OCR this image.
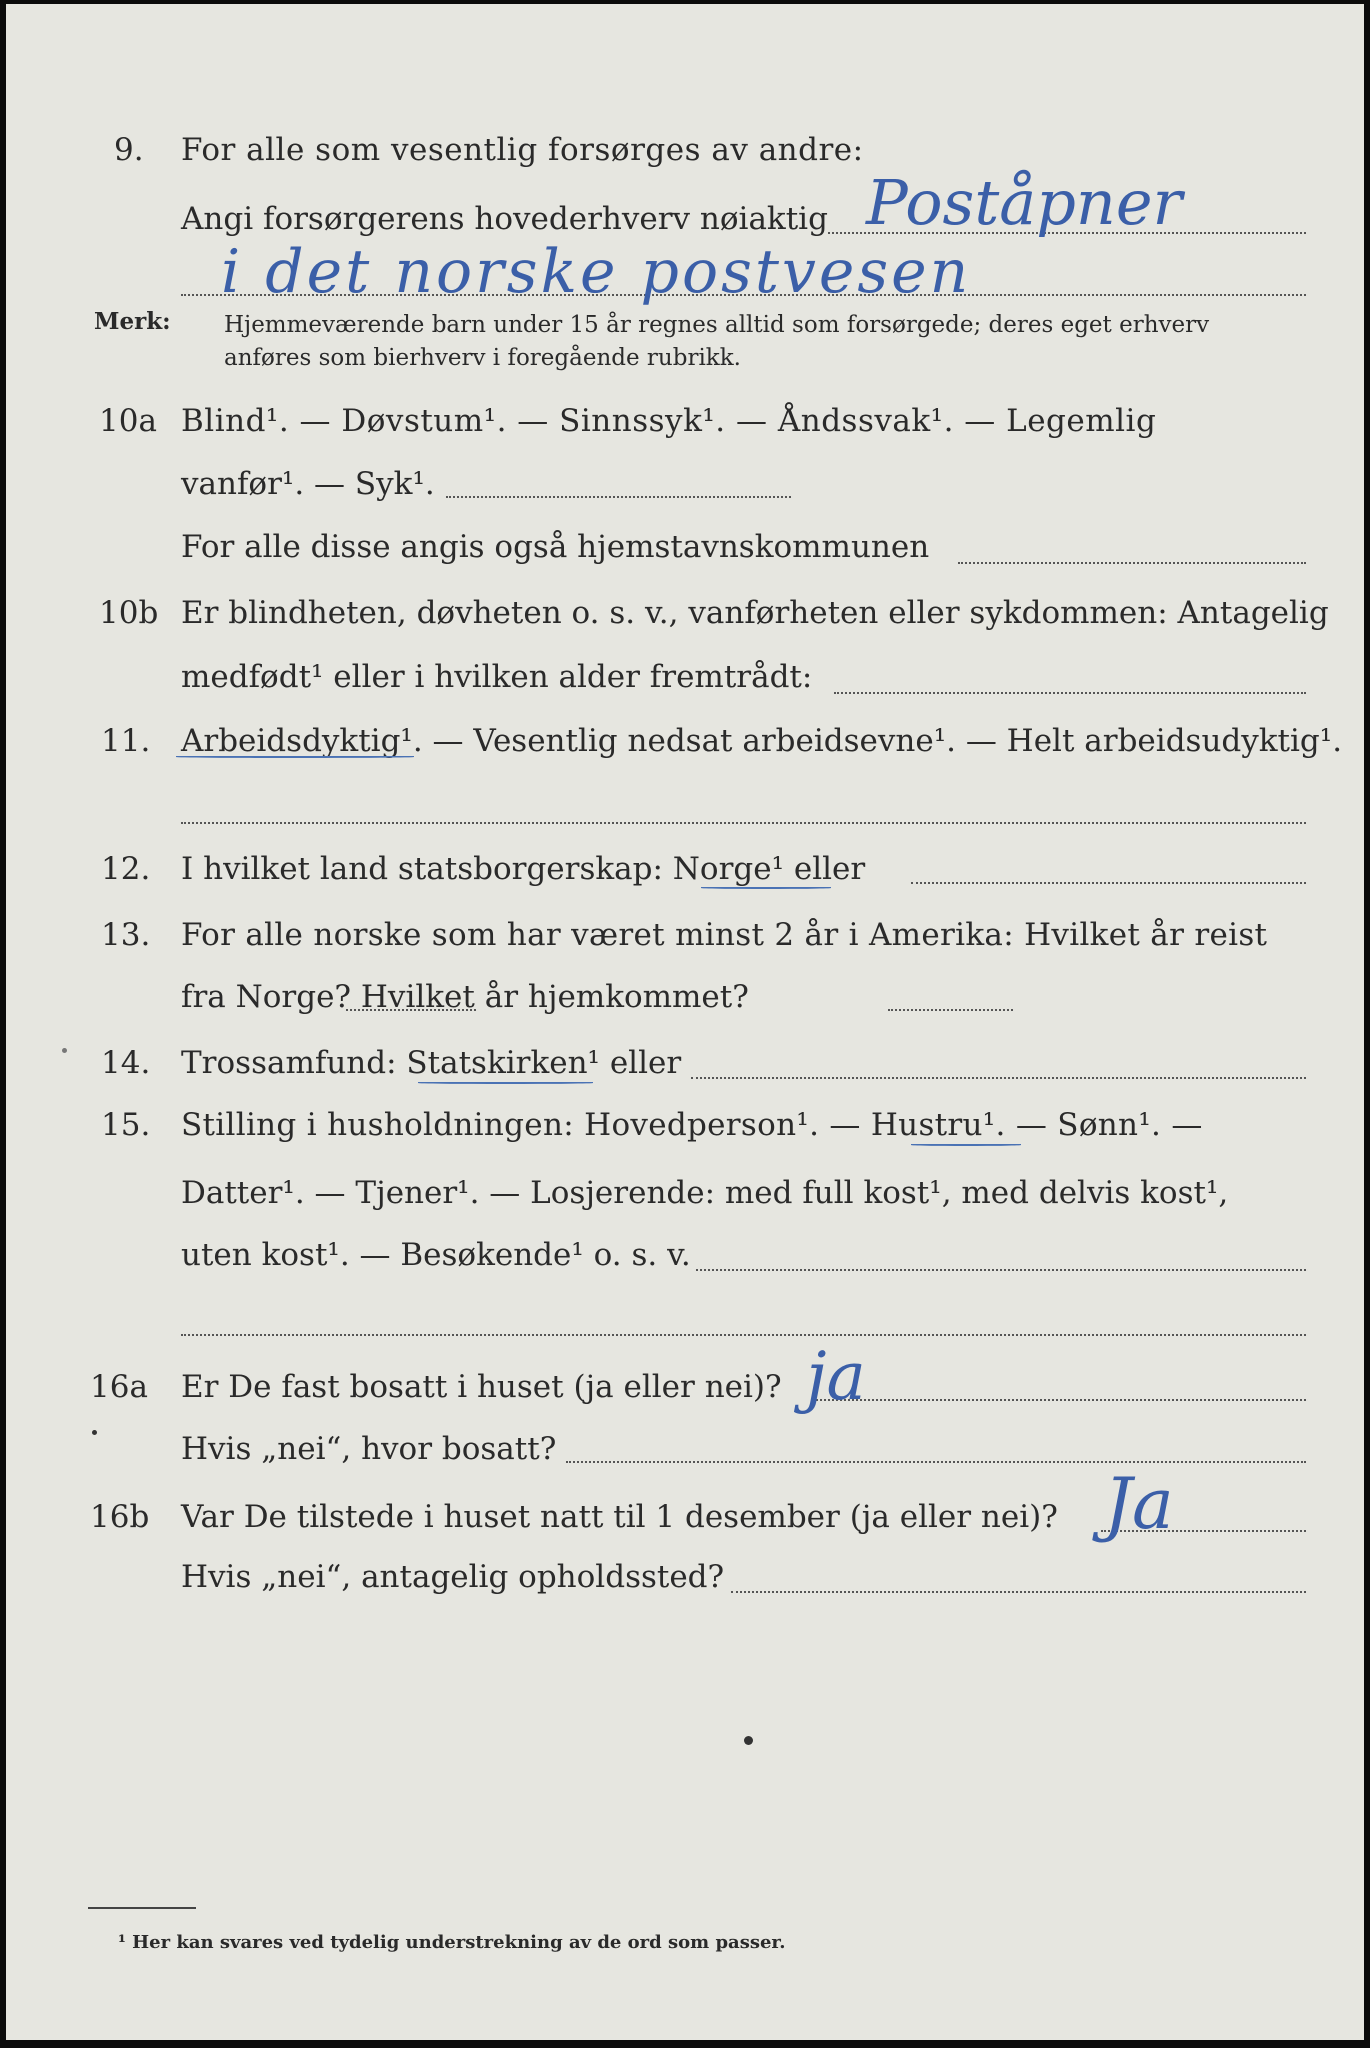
9. For alle som vesentlig forsørges av andre:
Angi forsørgerens hovederhverv nøiaktig Poståpner
i det norske postvesen
Merk: Hjemmeværende barn under 15 år regnes alltid som forsørgede; deres eget erhverv
anføres som bierhverv i foregående rubrikk.
10a Blind¹. — Døvstum¹. — Sinnssyk¹. — Åndssvak¹. — Legemlig
vanfør¹. — Syk¹.
For alle disse angis også hjemstavnskommunen
10b Er blindheten, døvheten o. s. v., vanførheten eller sykdommen: Antagelig
medfødt¹ eller i hvilken alder fremtrådt:
11. Arbeidsdyktig¹. — Vesentlig nedsat arbeidsevne¹. — Helt arbeidsudyktig¹.
12. I hvilket land statsborgerskap: Norge¹ eller
13. For alle norske som har været minst 2 år i Amerika: Hvilket år reist
fra Norge? Hvilket år hjemkommet?
14. Trossamfund: Statskirken¹ eller
15. Stilling i husholdningen: Hovedperson¹. — Hustru¹. — Sønn¹. —
Datter¹. — Tjener¹. — Losjerende: med full kost¹, med delvis kost¹,
uten kost¹. — Besøkende¹ o. s. v.
16a Er De fast bosatt i huset (ja eller nei)? ja
Hvis „nei“, hvor bosatt?
16b Var De tilstede i huset natt til 1 desember (ja eller nei)? Ja
Hvis „nei“, antagelig opholdssted?
¹ Her kan svares ved tydelig understrekning av de ord som passer.
